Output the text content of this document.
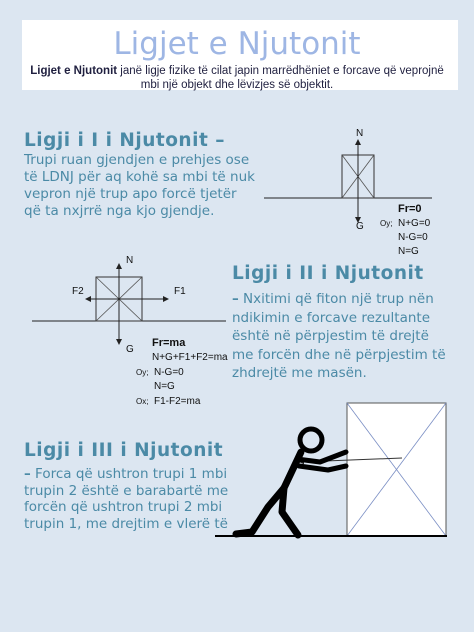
Ligjet e Njutonit
Ligjet e Njutonit janë ligje fizike të cilat japin marrëdhëniet e forcave që veprojnë mbi një objekt dhe lëvizjes së objektit.
Ligji i I i Njutonit –
Trupi ruan gjendjen e prehjes ose të LDNJ për aq kohë sa mbi të nuk vepron një trup apo forcë tjetër që ta nxjrrë nga kjo gjendje.
Ligji i II i Njutonit
– Nxitimi që fiton një trup nën ndikimin e forcave rezultante është në përpjestim të drejtë me forcën dhe në përpjestim të zhdrejtë me masën.
Ligji i III i Njutonit
– Forca që ushtron trupi 1 mbi trupin 2 është e barabartë me forcën që ushtron trupi 2 mbi trupin 1, me drejtim e vlerë të
N
G
Fr=0
Oy; N+G=0
N-G=0
N=G
N
G
F1
F2
Fr=ma
N+G+F1+F2=ma
Oy; N-G=0
N=G
Ox; F1-F2=ma
